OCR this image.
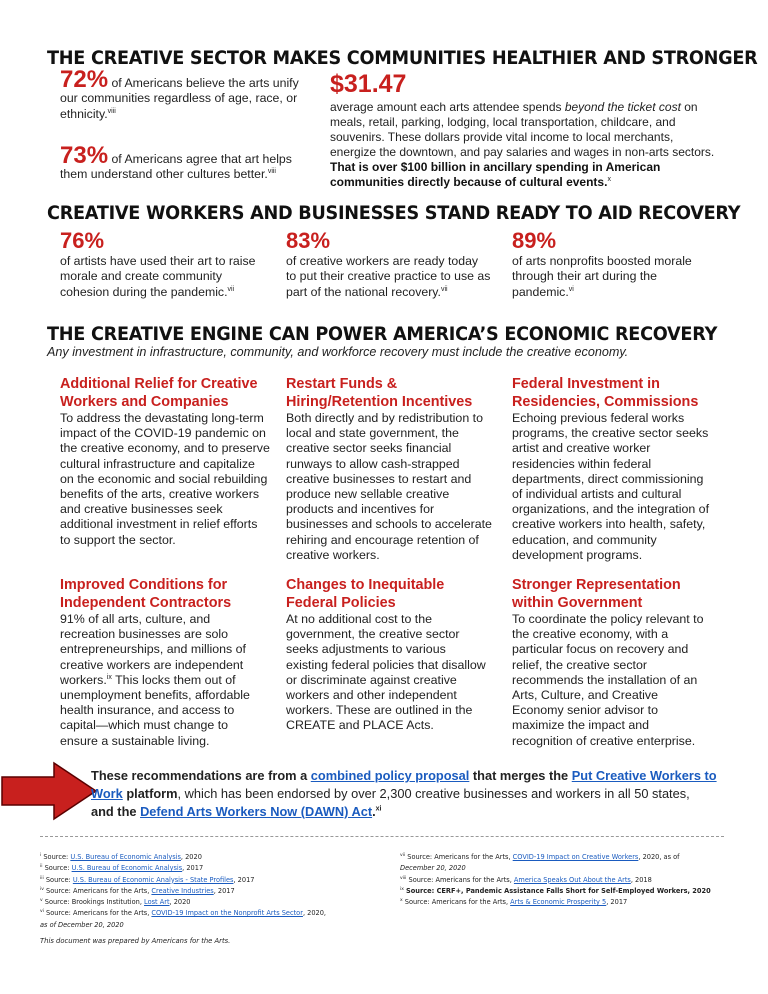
THE CREATIVE SECTOR MAKES COMMUNITIES HEALTHIER AND STRONGER
72% of Americans believe the arts unify our communities regardless of age, race, or ethnicity.$^{viii}$
73% of Americans agree that art helps them understand other cultures better.$^{viii}$
$31.47
average amount each arts attendee spends beyond the ticket cost on meals, retail, parking, lodging, local transportation, childcare, and souvenirs. These dollars provide vital income to local merchants, energize the downtown, and pay salaries and wages in non-arts sectors. That is over $100 billion in ancillary spending in American communities directly because of cultural events.$^x$
CREATIVE WORKERS AND BUSINESSES STAND READY TO AID RECOVERY
76%
of artists have used their art to raise morale and create community cohesion during the pandemic.$^{vii}$
83%
of creative workers are ready today to put their creative practice to use as part of the national recovery.$^{vii}$
89%
of arts nonprofits boosted morale through their art during the pandemic.$^{vi}$
THE CREATIVE ENGINE CAN POWER AMERICA’S ECONOMIC RECOVERY
Any investment in infrastructure, community, and workforce recovery must include the creative economy.
Additional Relief for Creative Workers and Companies
To address the devastating long-term impact of the COVID-19 pandemic on the creative economy, and to preserve cultural infrastructure and capitalize on the economic and social rebuilding benefits of the arts, creative workers and creative businesses seek additional investment in relief efforts to support the sector.
Restart Funds & Hiring/Retention Incentives
Both directly and by redistribution to local and state government, the creative sector seeks financial runways to allow cash-strapped creative businesses to restart and produce new sellable creative products and incentives for businesses and schools to accelerate rehiring and encourage retention of creative workers.
Federal Investment in Residencies, Commissions
Echoing previous federal works programs, the creative sector seeks artist and creative worker residencies within federal departments, direct commissioning of individual artists and cultural organizations, and the integration of creative workers into health, safety, education, and community development programs.
Improved Conditions for Independent Contractors
91% of all arts, culture, and recreation businesses are solo entrepreneurships, and millions of creative workers are independent workers.$^{ix}$ This locks them out of unemployment benefits, affordable health insurance, and access to capital—which must change to ensure a sustainable living.
Changes to Inequitable Federal Policies
At no additional cost to the government, the creative sector seeks adjustments to various existing federal policies that disallow or discriminate against creative workers and other independent workers. These are outlined in the CREATE and PLACE Acts.
Stronger Representation within Government
To coordinate the policy relevant to the creative economy, with a particular focus on recovery and relief, the creative sector recommends the installation of an Arts, Culture, and Creative Economy senior advisor to maximize the impact and recognition of creative enterprise.
These recommendations are from a combined policy proposal that merges the Put Creative Workers to Work platform, which has been endorsed by over 2,300 creative businesses and workers in all 50 states,
and the Defend Arts Workers Now (DAWN) Act.$^{xi}$
$^i$ Source: U.S. Bureau of Economic Analysis, 2020
$^{ii}$ Source: U.S. Bureau of Economic Analysis, 2017
$^{iii}$ Source: U.S. Bureau of Economic Analysis - State Profiles, 2017
$^{iv}$ Source: Americans for the Arts, Creative Industries, 2017
$^v$ Source: Brookings Institution, Lost Art, 2020
$^{vi}$ Source: Americans for the Arts, COVID-19 Impact on the Nonprofit Arts Sector, 2020,
as of December 20, 2020
$^{vii}$ Source: Americans for the Arts, COVID-19 Impact on Creative Workers, 2020, as of
December 20, 2020
$^{viii}$ Source: Americans for the Arts, America Speaks Out About the Arts, 2018
$^{ix}$ Source: CERF+, Pandemic Assistance Falls Short for Self-Employed Workers, 2020
$^x$ Source: Americans for the Arts, Arts & Economic Prosperity 5, 2017
This document was prepared by Americans for the Arts.
